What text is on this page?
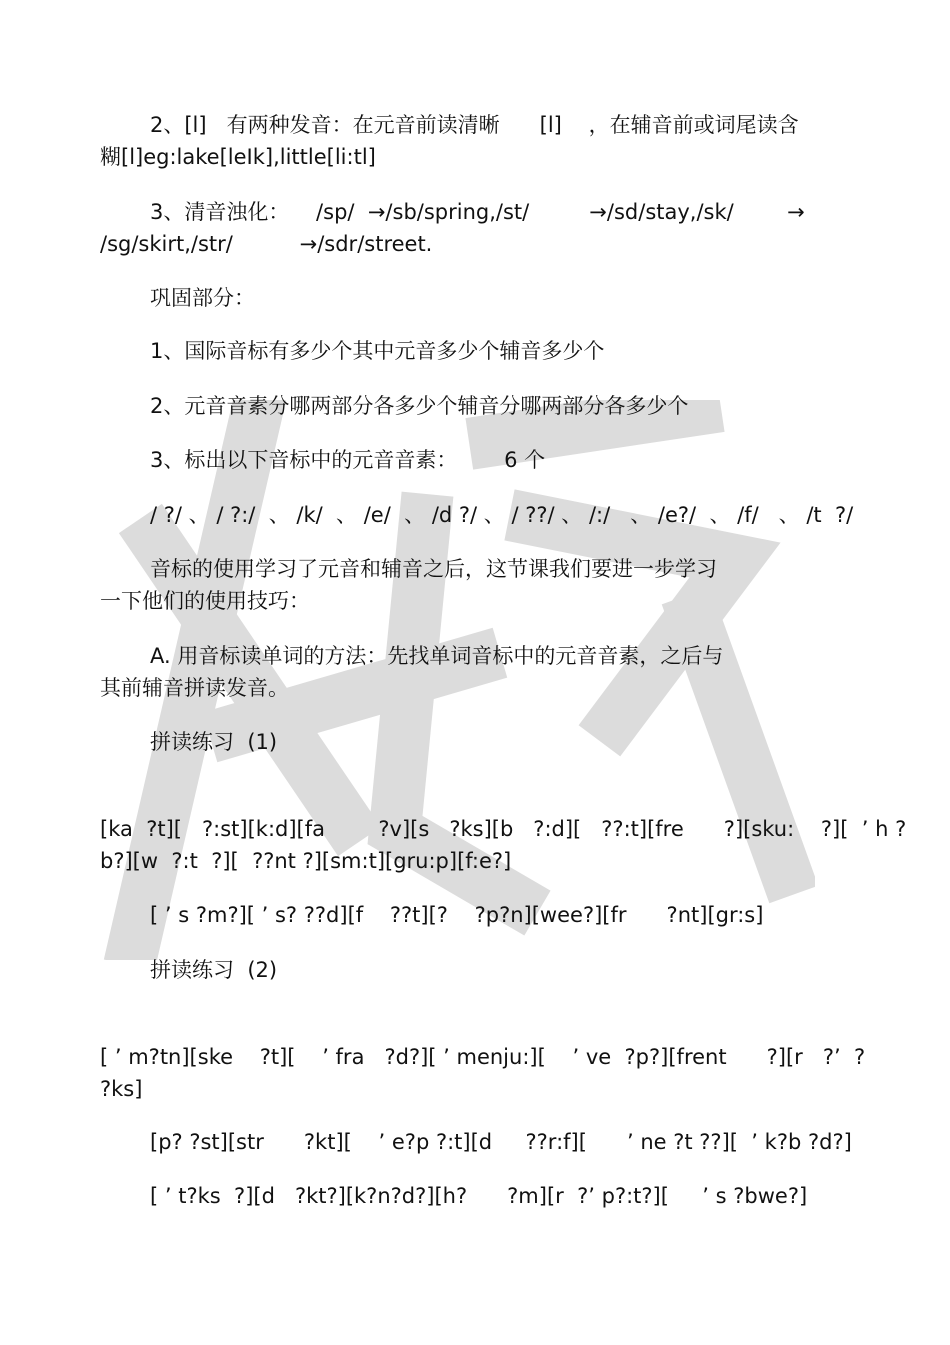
2、[l]   有两种发音：在元音前读清晰      [l]    ，在辅音前或词尾读含
糊[l]eg:lake[leIk],little[li:tl]
3、清音浊化：    /sp/  →/sb/spring,/st/         →/sd/stay,/sk/        →
/sg/skirt,/str/          →/sdr/street.
巩固部分：
1、国际音标有多少个其中元音多少个辅音多少个
2、元音音素分哪两部分各多少个辅音分哪两部分各多少个
3、标出以下音标中的元音音素：       6 个
/ ?/ 、 / ?:/  、 /k/  、 /e/  、 /d ?/ 、 / ??/ 、 /:/   、 /e?/  、 /f/   、 /t  ?/
音标的使用学习了元音和辅音之后，这节课我们要进一步学习
一下他们的使用技巧：
A. 用音标读单词的方法：先找单词音标中的元音音素，之后与
其前辅音拼读发音。
拼读练习  (1)
[ka  ?t][   ?:st][k:d][fa        ?v][s   ?ks][b   ?:d][   ??:t][fre      ?][sku:    ?][  ’ h ?
b?][w  ?:t  ?][  ??nt ?][sm:t][gru:p][f:e?]
[ ’ s ?m?][ ’ s? ??d][f    ??t][?    ?p?n][wee?][fr      ?nt][gr:s]
拼读练习  (2)
[ ’ m?tn][ske    ?t][    ’ fra   ?d?][ ’ menju:][    ’ ve  ?p?][frent      ?][r   ?’  ?
?ks]
[p? ?st][str      ?kt][    ’ e?p ?:t][d     ??r:f][      ’ ne ?t ??][  ’ k?b ?d?]
[ ’ t?ks  ?][d   ?kt?][k?n?d?][h?      ?m][r  ?’ p?:t?][     ’ s ?bwe?]
